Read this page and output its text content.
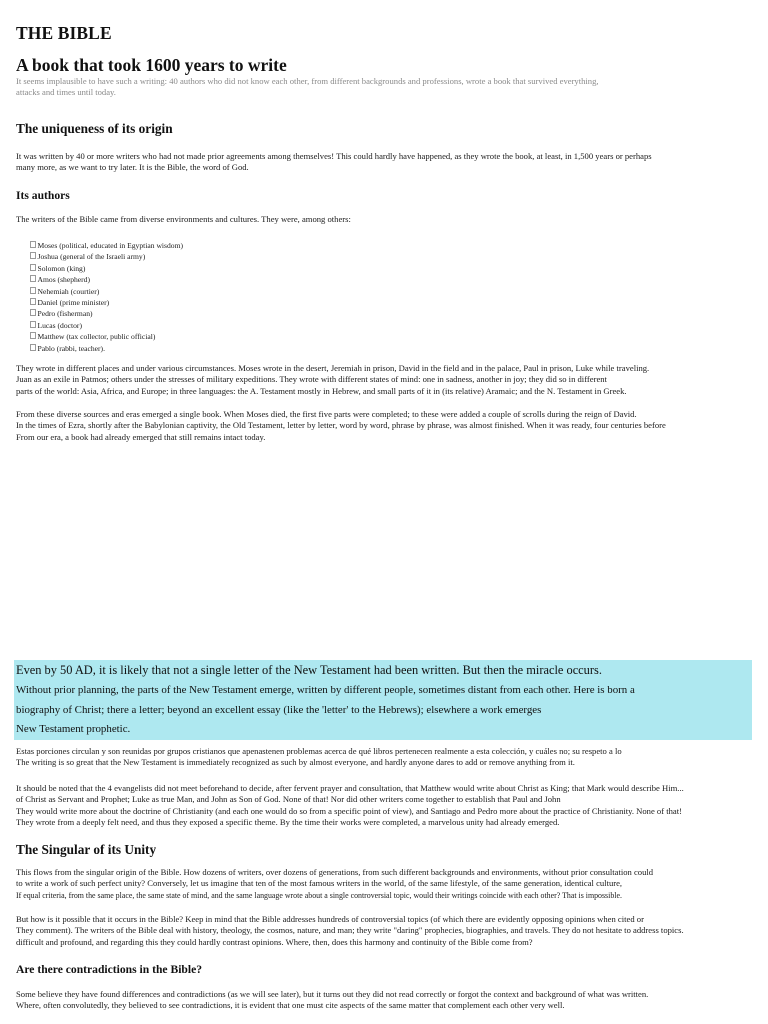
THE BIBLE
A book that took 1600 years to write
It seems implausible to have such a writing: 40 authors who did not know each other, from different backgrounds and professions, wrote a book that survived everything,
attacks and times until today.
The uniqueness of its origin
It was written by 40 or more writers who had not made prior agreements among themselves! This could hardly have happened, as they wrote the book, at least, in 1,500 years or perhaps
many more, as we want to try later. It is the Bible, the word of God.
Its authors
The writers of the Bible came from diverse environments and cultures. They were, among others:
Moses (political, educated in Egyptian wisdom)
Joshua (general of the Israeli army)
Solomon (king)
Amos (shepherd)
Nehemiah (courtier)
Daniel (prime minister)
Pedro (fisherman)
Lucas (doctor)
Matthew (tax collector, public official)
Pablo (rabbi, teacher).
They wrote in different places and under various circumstances. Moses wrote in the desert, Jeremiah in prison, David in the field and in the palace, Paul in prison, Luke while traveling.
Juan as an exile in Patmos; others under the stresses of military expeditions. They wrote with different states of mind: one in sadness, another in joy; they did so in different
parts of the world: Asia, Africa, and Europe; in three languages: the A. Testament mostly in Hebrew, and small parts of it in (its relative) Aramaic; and the N. Testament in Greek.
From these diverse sources and eras emerged a single book. When Moses died, the first five parts were completed; to these were added a couple of scrolls during the reign of David.
In the times of Ezra, shortly after the Babylonian captivity, the Old Testament, letter by letter, word by word, phrase by phrase, was almost finished. When it was ready, four centuries before
From our era, a book had already emerged that still remains intact today.
Even by 50 AD, it is likely that not a single letter of the New Testament had been written. But then the miracle occurs.
Without prior planning, the parts of the New Testament emerge, written by different people, sometimes distant from each other. Here is born a
biography of Christ; there a letter; beyond an excellent essay (like the 'letter' to the Hebrews); elsewhere a work emerges
New Testament prophetic.
Estas porciones circulan y son reunidas por grupos cristianos que apenastenen problemas acerca de qué libros pertenecen realmente a esta colección, y cuáles no; su respeto a lo
The writing is so great that the New Testament is immediately recognized as such by almost everyone, and hardly anyone dares to add or remove anything from it.
It should be noted that the 4 evangelists did not meet beforehand to decide, after fervent prayer and consultation, that Matthew would write about Christ as King; that Mark would describe Him...
of Christ as Servant and Prophet; Luke as true Man, and John as Son of God. None of that! Nor did other writers come together to establish that Paul and John
They would write more about the doctrine of Christianity (and each one would do so from a specific point of view), and Santiago and Pedro more about the practice of Christianity. None of that!
They wrote from a deeply felt need, and thus they exposed a specific theme. By the time their works were completed, a marvelous unity had already emerged.
The Singular of its Unity
This flows from the singular origin of the Bible. How dozens of writers, over dozens of generations, from such different backgrounds and environments, without prior consultation could
to write a work of such perfect unity? Conversely, let us imagine that ten of the most famous writers in the world, of the same lifestyle, of the same generation, identical culture,
If equal criteria, from the same place, the same state of mind, and the same language wrote about a single controversial topic, would their writings coincide with each other? That is impossible.
But how is it possible that it occurs in the Bible? Keep in mind that the Bible addresses hundreds of controversial topics (of which there are evidently opposing opinions when cited or
They comment). The writers of the Bible deal with history, theology, the cosmos, nature, and man; they write "daring" prophecies, biographies, and travels. They do not hesitate to address topics.
difficult and profound, and regarding this they could hardly contrast opinions. Where, then, does this harmony and continuity of the Bible come from?
Are there contradictions in the Bible?
Some believe they have found differences and contradictions (as we will see later), but it turns out they did not read correctly or forgot the context and background of what was written.
Where, often convolutedly, they believed to see contradictions, it is evident that one must cite aspects of the same matter that complement each other very well.
